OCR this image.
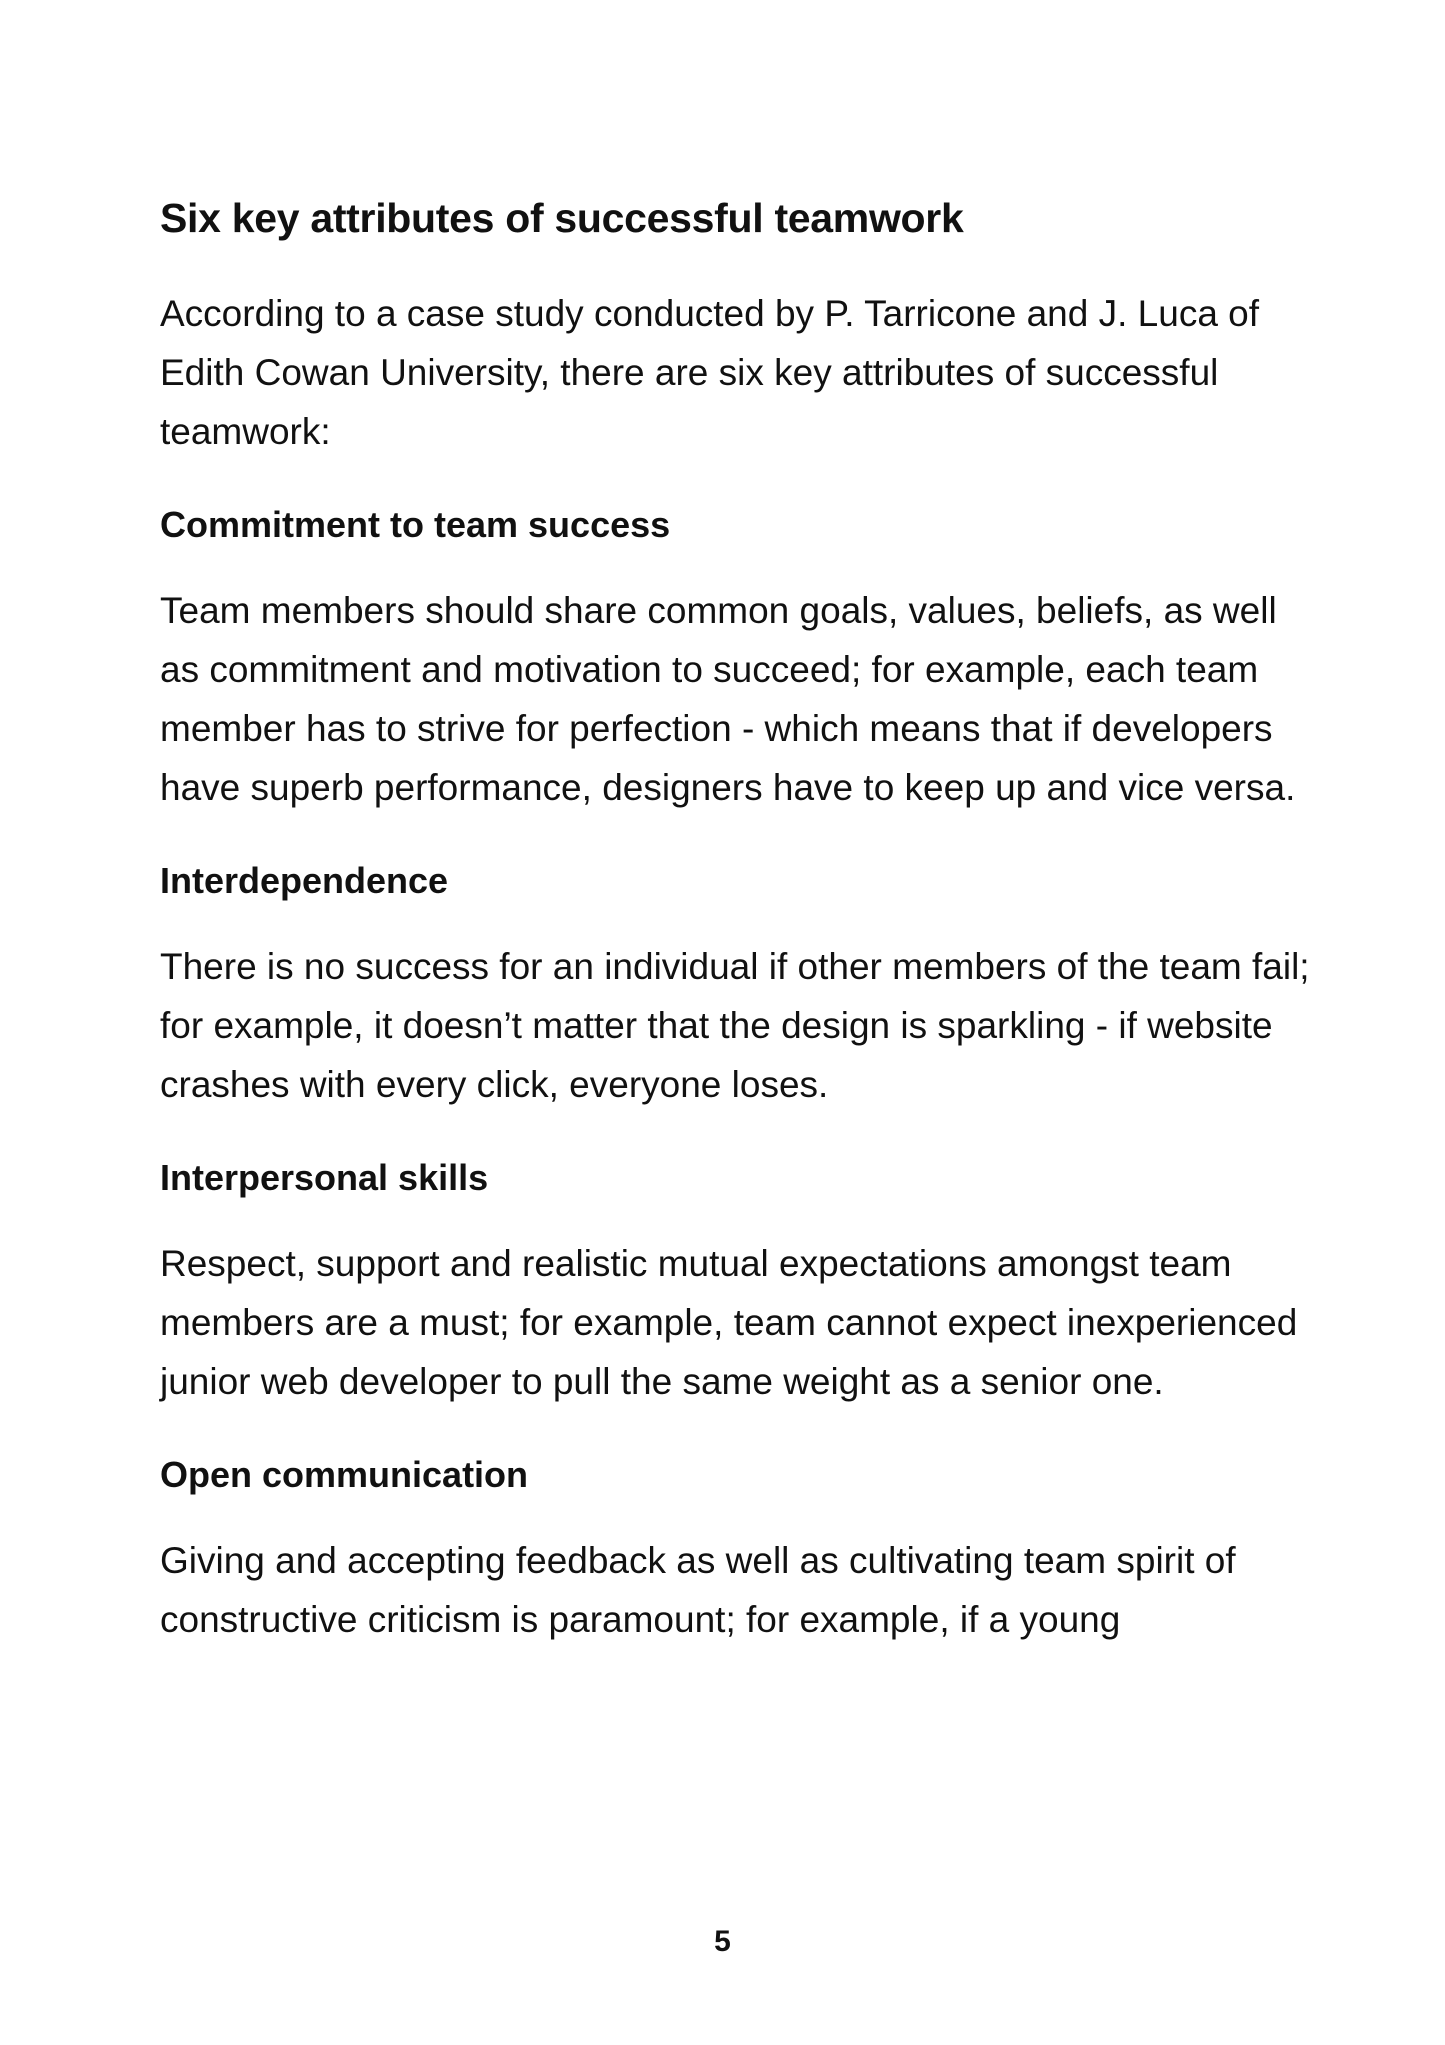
Six key attributes of successful teamwork

According to a case study conducted by P. Tarricone and J. Luca of Edith Cowan University, there are six key attributes of successful teamwork:

Commitment to team success

Team members should share common goals, values, beliefs, as well as commitment and motivation to succeed; for example, each team member has to strive for perfection - which means that if developers have superb performance, designers have to keep up and vice versa.

Interdependence

There is no success for an individual if other members of the team fail; for example, it doesn’t matter that the design is sparkling - if website crashes with every click, everyone loses.

Interpersonal skills

Respect, support and realistic mutual expectations amongst team members are a must; for example, team cannot expect inexperienced junior web developer to pull the same weight as a senior one.

Open communication

Giving and accepting feedback as well as cultivating team spirit of constructive criticism is paramount; for example, if a young

5
